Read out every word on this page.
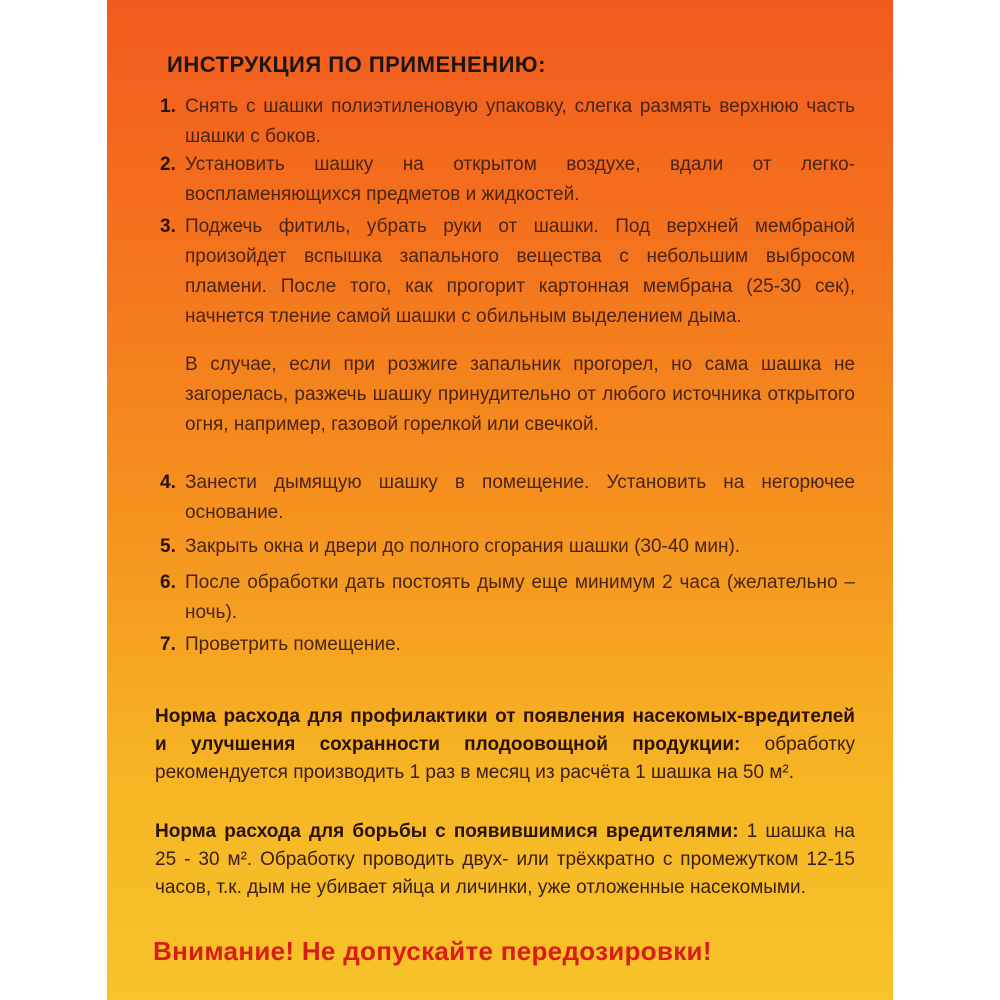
ИНСТРУКЦИЯ ПО ПРИМЕНЕНИЮ:
1. Снять с шашки полиэтиленовую упаковку, слегка размять верхнюю часть шашки с боков.
2. Установить шашку на открытом воздухе, вдали от легко-воспламеняющихся предметов и жидкостей.
3. Поджечь фитиль, убрать руки от шашки. Под верхней мембраной произойдет вспышка запального вещества с небольшим выбросом пламени. После того, как прогорит картонная мембрана (25-30 сек), начнется тление самой шашки с обильным выделением дыма.
В случае, если при розжиге запальник прогорел, но сама шашка не загорелась, разжечь шашку принудительно от любого источника открытого огня, например, газовой горелкой или свечкой.
4. Занести дымящую шашку в помещение. Установить на негорючее основание.
5. Закрыть окна и двери до полного сгорания шашки (30-40 мин).
6. После обработки дать постоять дыму еще минимум 2 часа (желательно – ночь).
7. Проветрить помещение.
Норма расхода для профилактики от появления насекомых-вредителей и улучшения сохранности плодоовощной продукции: обработку рекомендуется производить 1 раз в месяц из расчёта 1 шашка на 50 м².
Норма расхода для борьбы с появившимися вредителями: 1 шашка на 25 - 30 м². Обработку проводить двух- или трёхкратно с промежутком 12-15 часов, т.к. дым не убивает яйца и личинки, уже отложенные насекомыми.
Внимание! Не допускайте передозировки!
